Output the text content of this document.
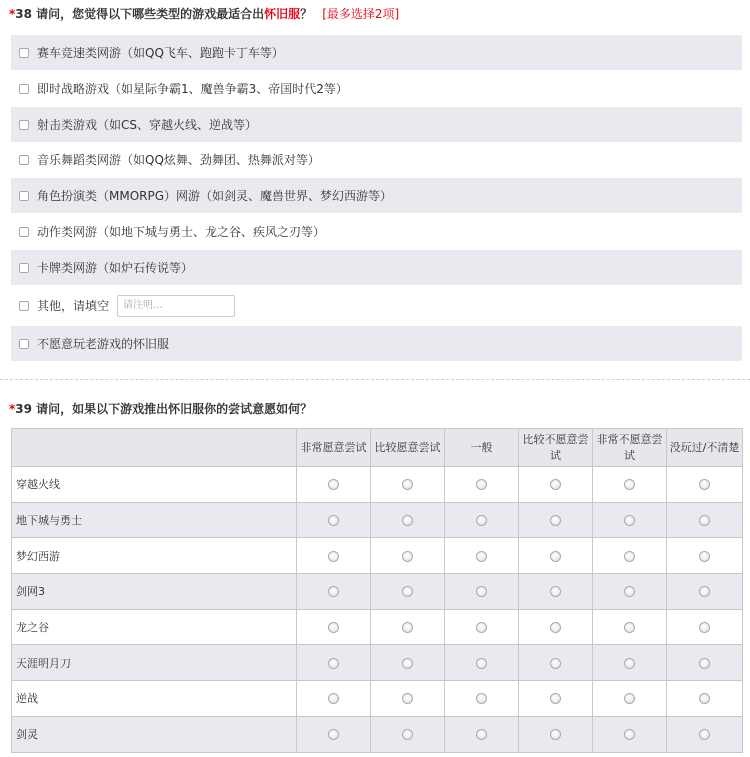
*38 请问，您觉得以下哪些类型的游戏最适合出怀旧服？ [最多选择2项]
赛车竞速类网游（如QQ飞车、跑跑卡丁车等）
即时战略游戏（如星际争霸1、魔兽争霸3、帝国时代2等）
射击类游戏（如CS、穿越火线、逆战等）
音乐舞蹈类网游（如QQ炫舞、劲舞团、热舞派对等）
角色扮演类（MMORPG）网游（如剑灵、魔兽世界、梦幻西游等）
动作类网游（如地下城与勇士、龙之谷、疾风之刃等）
卡牌类网游（如炉石传说等）
其他，请填空
请注明...
不愿意玩老游戏的怀旧服
*39 请问，如果以下游戏推出怀旧服你的尝试意愿如何？
	非常愿意尝试	比较愿意尝试	一般	比较不愿意尝试	非常不愿意尝试	没玩过/不清楚
穿越火线						
地下城与勇士						
梦幻西游						
剑网3						
龙之谷						
天涯明月刀						
逆战						
剑灵						
